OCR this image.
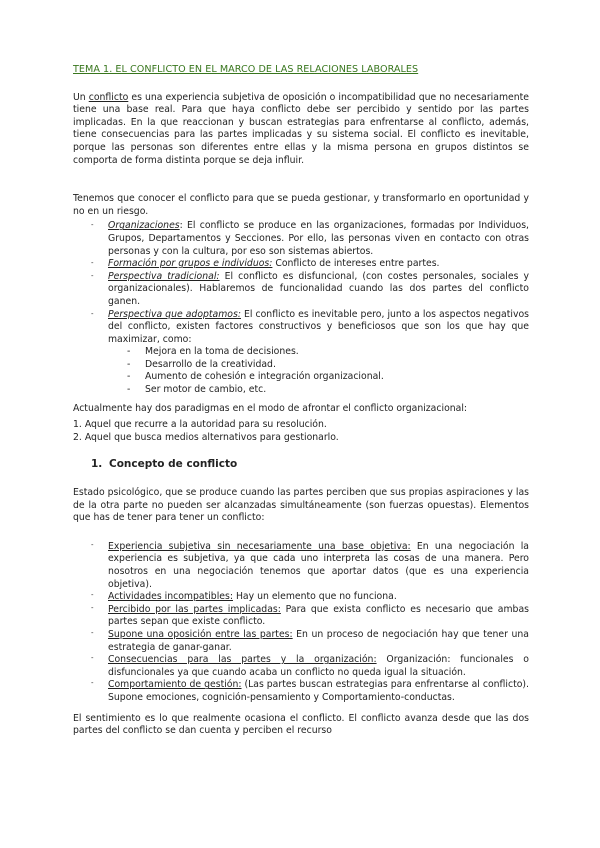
TEMA 1. EL CONFLICTO EN EL MARCO DE LAS RELACIONES LABORALES

Un conflicto es una experiencia subjetiva de oposición o incompatibilidad que no necesariamente tiene una base real. Para que haya conflicto debe ser percibido y sentido por las partes implicadas. En la que reaccionan y buscan estrategias para enfrentarse al conflicto, además, tiene consecuencias para las partes implicadas y su sistema social. El conflicto es inevitable, porque las personas son diferentes entre ellas y la misma persona en grupos distintos se comporta de forma distinta porque se deja influir.

Tenemos que conocer el conflicto para que se pueda gestionar, y transformarlo en oportunidad y no en un riesgo.

- Organizaciones: El conflicto se produce en las organizaciones, formadas por Individuos, Grupos, Departamentos y Secciones. Por ello, las personas viven en contacto con otras personas y con la cultura, por eso son sistemas abiertos.
- Formación por grupos e individuos: Conflicto de intereses entre partes.
- Perspectiva tradicional: El conflicto es disfuncional, (con costes personales, sociales y organizacionales). Hablaremos de funcionalidad cuando las dos partes del conflicto ganen.
- Perspectiva que adoptamos: El conflicto es inevitable pero, junto a los aspectos negativos del conflicto, existen factores constructivos y beneficiosos que son los que hay que maximizar, como:
- Mejora en la toma de decisiones.
- Desarrollo de la creatividad.
- Aumento de cohesión e integración organizacional.
- Ser motor de cambio, etc.

Actualmente hay dos paradigmas en el modo de afrontar el conflicto organizacional:

1. Aquel que recurre a la autoridad para su resolución.
2. Aquel que busca medios alternativos para gestionarlo.
1. Concepto de conflicto

Estado psicológico, que se produce cuando las partes perciben que sus propias aspiraciones y las de la otra parte no pueden ser alcanzadas simultáneamente (son fuerzas opuestas). Elementos que has de tener para tener un conflicto:

- Experiencia subjetiva sin necesariamente una base objetiva: En una negociación la experiencia es subjetiva, ya que cada uno interpreta las cosas de una manera. Pero nosotros en una negociación tenemos que aportar datos (que es una experiencia objetiva).
- Actividades incompatibles: Hay un elemento que no funciona.
- Percibido por las partes implicadas: Para que exista conflicto es necesario que ambas partes sepan que existe conflicto.
- Supone una oposición entre las partes: En un proceso de negociación hay que tener una estrategia de ganar-ganar.
- Consecuencias para las partes y la organización: Organización: funcionales o disfuncionales ya que cuando acaba un conflicto no queda igual la situación.
- Comportamiento de gestión: (Las partes buscan estrategias para enfrentarse al conflicto). Supone emociones, cognición-pensamiento y Comportamiento-conductas.

El sentimiento es lo que realmente ocasiona el conflicto. El conflicto avanza desde que las dos partes del conflicto se dan cuenta y perciben el recurso
